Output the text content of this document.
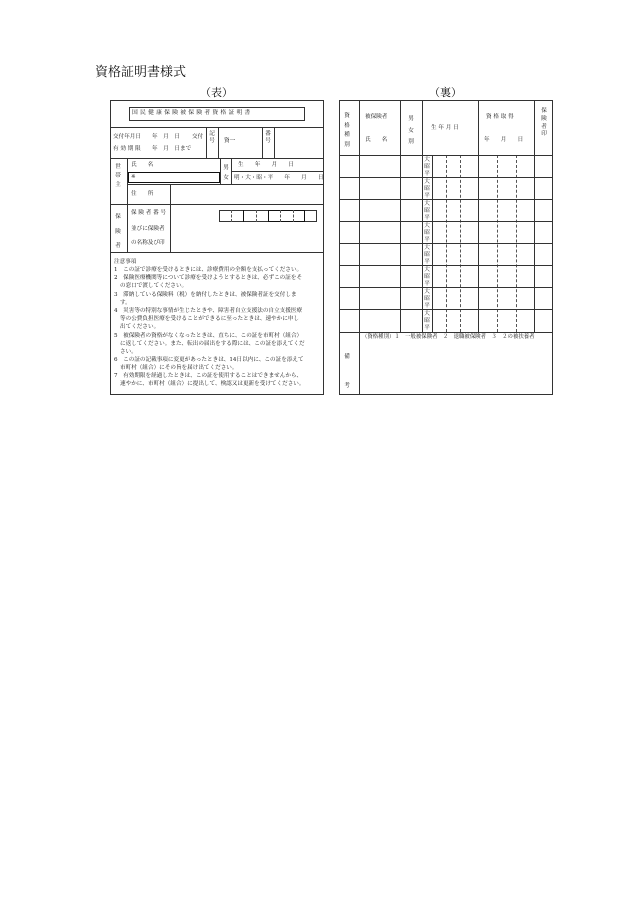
資格証明書様式
（表）
国 民 健 康 保 険 被 保 険 者 資 格 証 明 書
交付年月日 年　月　日 交付
有 効 期 限 年　月　日まで
記号 資一
番号
世帯主
氏　　名
※
男女
生　　年　　月　　日
明・大・昭・平　　年　　月　　日
住　　所
保険者
保 険 者 番 号
並びに保険者
の名称及び印
注意事項
1　この証で診療を受けるときには、診療費用の全額を支払ってください。
2　保険医療機関等について診療を受けようとするときは、必ずこの証をそ
の窓口で渡してください。
3　滞納している保険料（税）を納付したときは、被保険者証を交付しま
す。
4　災害等の特別な事情が生じたときや、障害者自立支援法の自立支援医療
等の公費負担医療を受けることができるに至ったときは、速やかに申し
出てください。
5　被保険者の資格がなくなったときは、直ちに、この証を市町村（組合）
に返してください。また、転出の届出をする際には、この証を添えてくだ
さい。
6　この証の記載事項に変更があったときは、14日以内に、この証を添えて
市町村（組合）にその旨を届け出てください。
7　有効期限を経過したときは、この証を使用することはできませんから、
速やかに、市町村（組合）に提出して、検認又は更新を受けてください。
（裏）
資格種別
被保険者
氏　　名
男女別
生 年 月 日
資 格 取 得
年　　月　　日
保険者印
大昭平
大昭平
大昭平
大昭平
大昭平
大昭平
大昭平
大昭平
備　　考
（資格種別）１　一般被保険者　２　退職被保険者　３　２の被扶養者
